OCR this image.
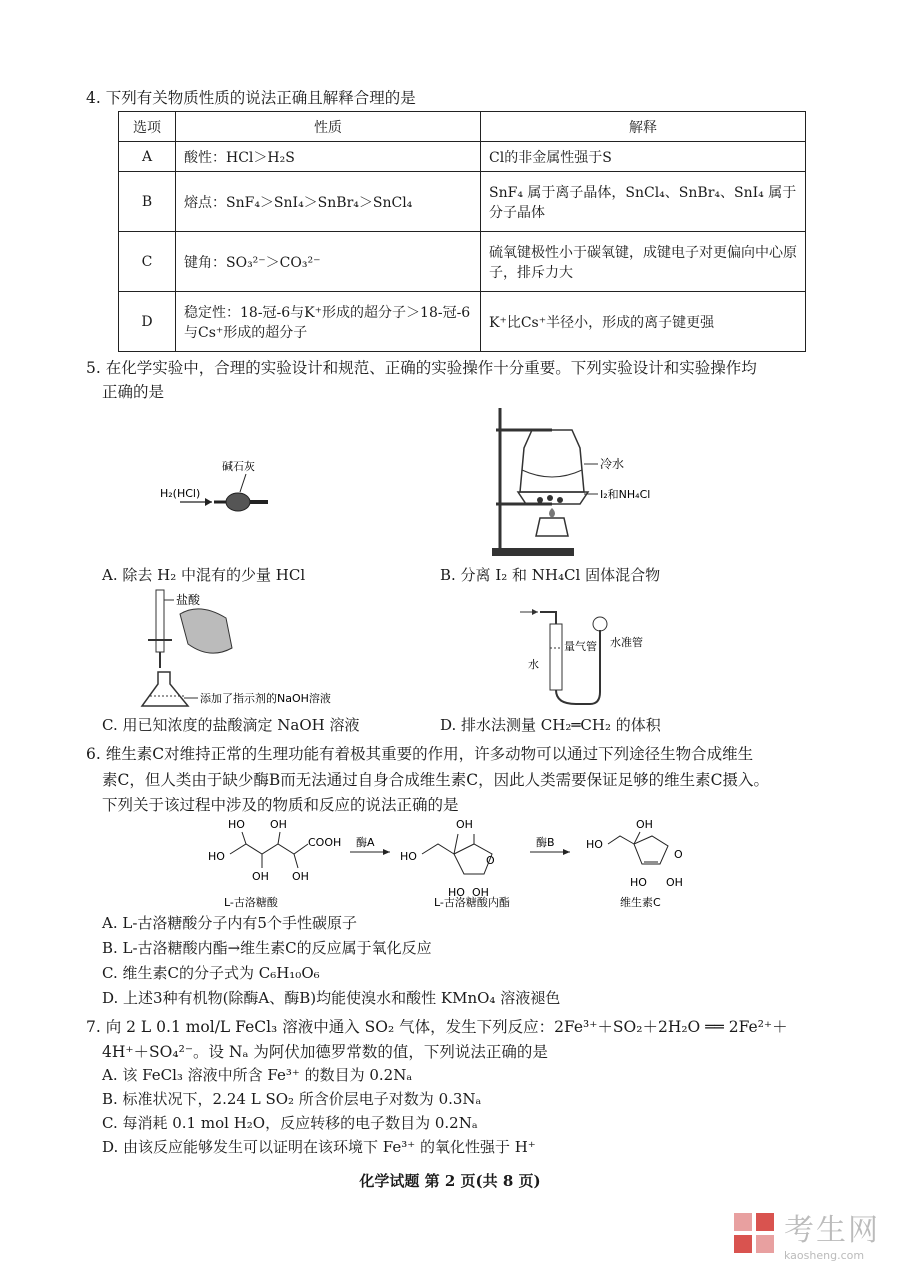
4. 下列有关物质性质的说法正确且解释合理的是
选项	性质	解释
A	酸性：HCl＞H₂S	Cl的非金属性强于S
B	熔点：SnF₄＞SnI₄＞SnBr₄＞SnCl₄	SnF₄ 属于离子晶体，SnCl₄、SnBr₄、SnI₄ 属于分子晶体
C	键角：SO₃²⁻＞CO₃²⁻	硫氧键极性小于碳氧键，成键电子对更偏向中心原子，排斥力大
D	稳定性：18-冠-6与K⁺形成的超分子＞18-冠-6与Cs⁺形成的超分子	K⁺比Cs⁺半径小，形成的离子键更强
5. 在化学实验中，合理的实验设计和规范、正确的实验操作十分重要。下列实验设计和实验操作均
正确的是
H₂(HCl)
碱石灰	冷水
I₂和NH₄Cl
A. 除去 H₂ 中混有的少量 HCl	B. 分离 I₂ 和 NH₄Cl 固体混合物
盐酸
添加了指示剂的NaOH溶液
量气管
水
水准管
C. 用已知浓度的盐酸滴定 NaOH 溶液	D. 排水法测量 CH₂═CH₂ 的体积
6. 维生素C对维持正常的生理功能有着极其重要的作用，许多动物可以通过下列途径生物合成维生
素C，但人类由于缺少酶B而无法通过自身合成维生素C，因此人类需要保证足够的维生素C摄入。
下列关于该过程中涉及的物质和反应的说法正确的是
HO OH
HO
COOH
OH OH
L-古洛糖酸
酶A
OH
HO	O
HO OH
L-古洛糖酸内酯
酶B
OH
HO
O
HO OH
维生素C
A. L-古洛糖酸分子内有5个手性碳原子
B. L-古洛糖酸内酯→维生素C的反应属于氧化反应
C. 维生素C的分子式为 C₆H₁₀O₆
D. 上述3种有机物(除酶A、酶B)均能使溴水和酸性 KMnO₄ 溶液褪色
7. 向 2 L 0.1 mol/L FeCl₃ 溶液中通入 SO₂ 气体，发生下列反应：2Fe³⁺＋SO₂＋2H₂O ══ 2Fe²⁺＋
4H⁺＋SO₄²⁻。设 Nₐ 为阿伏加德罗常数的值，下列说法正确的是
A. 该 FeCl₃ 溶液中所含 Fe³⁺ 的数目为 0.2Nₐ
B. 标准状况下，2.24 L SO₂ 所含价层电子对数为 0.3Nₐ
C. 每消耗 0.1 mol H₂O，反应转移的电子数目为 0.2Nₐ
D. 由该反应能够发生可以证明在该环境下 Fe³⁺ 的氧化性强于 H⁺
化学试题 第 2 页(共 8 页)
考生网
kaosheng.com
